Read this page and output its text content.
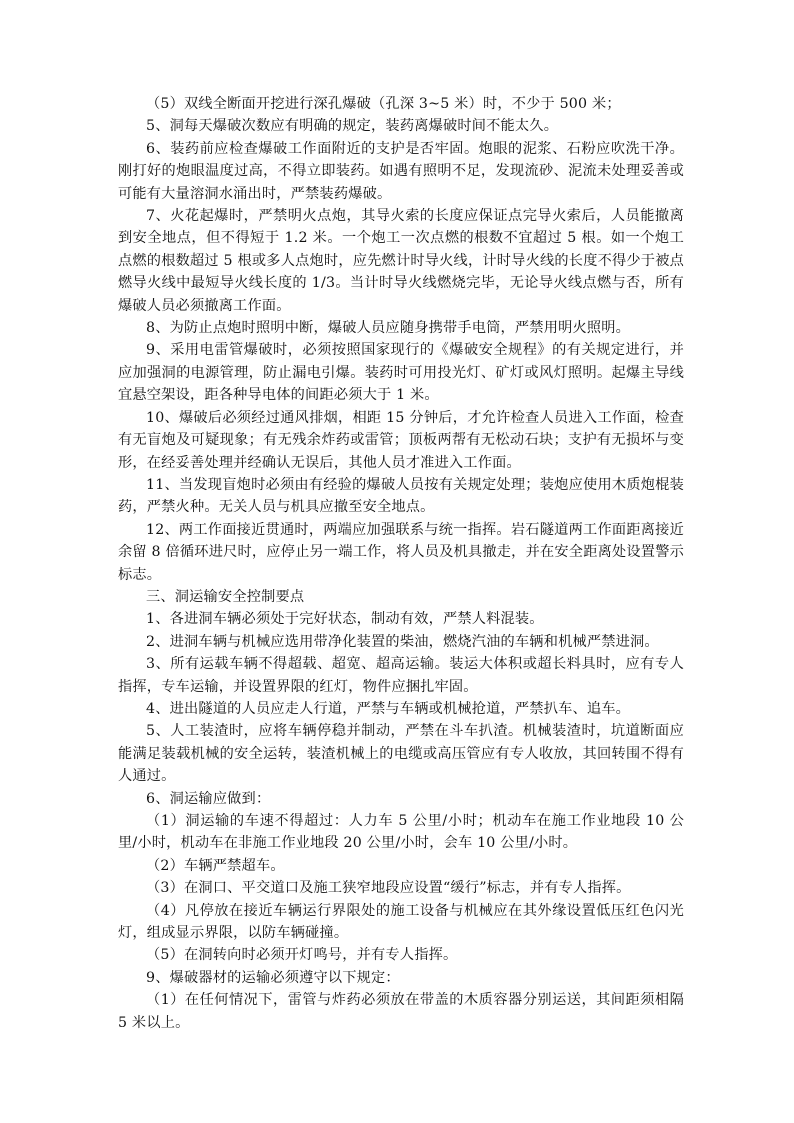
（5）双线全断面开挖进行深孔爆破（孔深 3~5 米）时，不少于 500 米；

5、洞每天爆破次数应有明确的规定，装药离爆破时间不能太久。

6、装药前应检查爆破工作面附近的支护是否牢固。炮眼的泥浆、石粉应吹洗干净。刚打好的炮眼温度过高，不得立即装药。如遇有照明不足，发现流砂、泥流未处理妥善或可能有大量溶洞水涌出时，严禁装药爆破。

7、火花起爆时，严禁明火点炮，其导火索的长度应保证点完导火索后，人员能撤离到安全地点，但不得短于 1.2 米。一个炮工一次点燃的根数不宜超过 5 根。如一个炮工点燃的根数超过 5 根或多人点炮时，应先燃计时导火线，计时导火线的长度不得少于被点燃导火线中最短导火线长度的 1/3。当计时导火线燃烧完毕，无论导火线点燃与否，所有爆破人员必须撤离工作面。

8、为防止点炮时照明中断，爆破人员应随身携带手电筒，严禁用明火照明。

9、采用电雷管爆破时，必须按照国家现行的《爆破安全规程》的有关规定进行，并应加强洞的电源管理，防止漏电引爆。装药时可用投光灯、矿灯或风灯照明。起爆主导线宜悬空架设，距各种导电体的间距必须大于 1 米。

10、爆破后必须经过通风排烟，相距 15 分钟后，才允许检查人员进入工作面，检查有无盲炮及可疑现象；有无残余炸药或雷管；顶板两帮有无松动石块；支护有无损坏与变形，在经妥善处理并经确认无误后，其他人员才准进入工作面。

11、当发现盲炮时必须由有经验的爆破人员按有关规定处理；装炮应使用木质炮棍装药，严禁火种。无关人员与机具应撤至安全地点。

12、两工作面接近贯通时，两端应加强联系与统一指挥。岩石隧道两工作面距离接近余留 8 倍循环进尺时，应停止另一端工作，将人员及机具撤走，并在安全距离处设置警示标志。

三、洞运输安全控制要点

1、各进洞车辆必须处于完好状态，制动有效，严禁人料混装。

2、进洞车辆与机械应选用带净化装置的柴油，燃烧汽油的车辆和机械严禁进洞。

3、所有运载车辆不得超载、超宽、超高运输。装运大体积或超长料具时，应有专人指挥，专车运输，并设置界限的红灯，物件应捆扎牢固。

4、进出隧道的人员应走人行道，严禁与车辆或机械抢道，严禁扒车、追车。

5、人工装渣时，应将车辆停稳并制动，严禁在斗车扒渣。机械装渣时，坑道断面应能满足装载机械的安全运转，装渣机械上的电缆或高压管应有专人收放，其回转围不得有人通过。

6、洞运输应做到：

（1）洞运输的车速不得超过：人力车 5 公里/小时；机动车在施工作业地段 10 公里/小时，机动车在非施工作业地段 20 公里/小时，会车 10 公里/小时。

（2）车辆严禁超车。

（3）在洞口、平交道口及施工狭窄地段应设置“缓行”标志，并有专人指挥。

（4）凡停放在接近车辆运行界限处的施工设备与机械应在其外缘设置低压红色闪光灯，组成显示界限，以防车辆碰撞。

（5）在洞转向时必须开灯鸣号，并有专人指挥。

9、爆破器材的运输必须遵守以下规定：

（1）在任何情况下，雷管与炸药必须放在带盖的木质容器分别运送，其间距须相隔 5 米以上。
